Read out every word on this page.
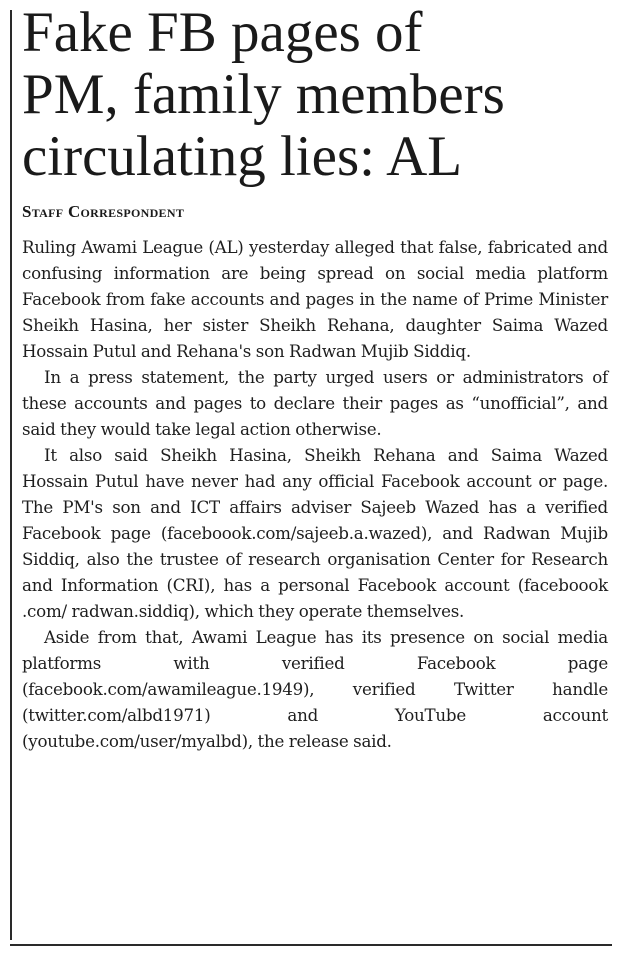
Fake FB pages of
PM, family members
circulating lies: AL
Staff Correspondent

Ruling Awami League (AL) yesterday alleged that false, fabricated and confusing information are being spread on social media platform Facebook from fake accounts and pages in the name of Prime Minister Sheikh Hasina, her sister Sheikh Rehana, daughter Saima Wazed Hossain Putul and Rehana's son Radwan Mujib Siddiq.

In a press statement, the party urged users or administrators of these accounts and pages to declare their pages as “unofficial”, and said they would take legal action otherwise.

It also said Sheikh Hasina, Sheikh Rehana and Saima Wazed Hossain Putul have never had any official Facebook account or page. The PM's son and ICT affairs adviser Sajeeb Wazed has a verified Facebook page (faceboook.com/sajeeb.a.wazed), and Radwan Mujib Siddiq, also the trustee of research organisation Center for Research and Information (CRI), has a personal Facebook account (faceboook .com/ radwan.siddiq), which they operate themselves.

Aside from that, Awami League has its presence on social media platforms with verified Facebook page (facebook.com/awamileague.1949), verified Twitter handle (twitter.com/albd1971) and YouTube account (youtube.com/user/myalbd), the release said.
